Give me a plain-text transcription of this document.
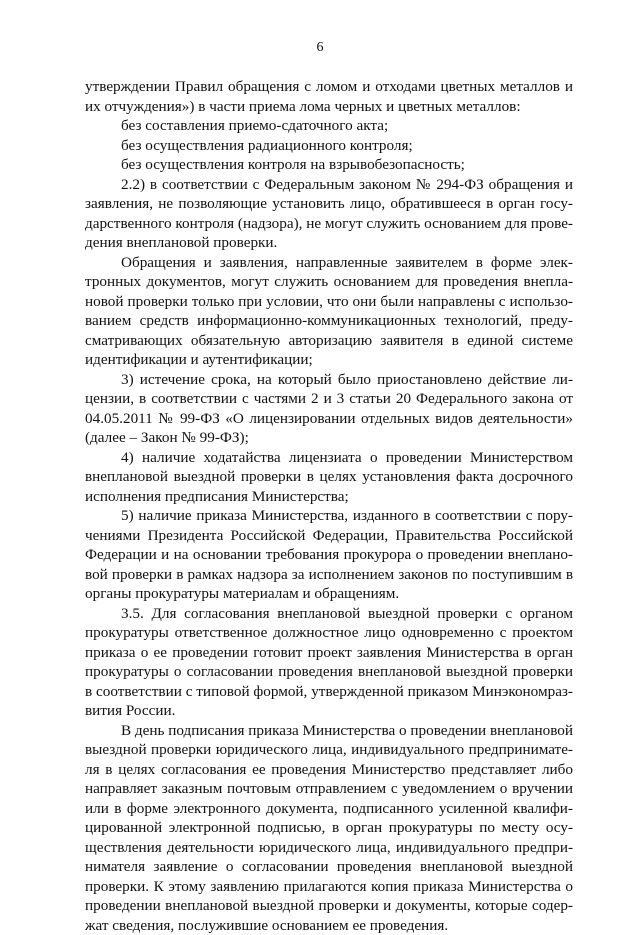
6
утверждении Правил обращения с ломом и отходами цветных металлов и
их отчуждения») в части приема лома черных и цветных металлов:
без составления приемо-сдаточного акта;
без осуществления радиационного контроля;
без осуществления контроля на взрывобезопасность;
2.2) в соответствии с Федеральным законом № 294-ФЗ обращения и
заявления, не позволяющие установить лицо, обратившееся в орган госу-
дарственного контроля (надзора), не могут служить основанием для прове-
дения внеплановой проверки.
Обращения и заявления, направленные заявителем в форме элек-
тронных документов, могут служить основанием для проведения внепла-
новой проверки только при условии, что они были направлены с использо-
ванием средств информационно-коммуникационных технологий, преду-
сматривающих обязательную авторизацию заявителя в единой системе
идентификации и аутентификации;
3) истечение срока, на который было приостановлено действие ли-
цензии, в соответствии с частями 2 и 3 статьи 20 Федерального закона от
04.05.2011 № 99-ФЗ «О лицензировании отдельных видов деятельности»
(далее – Закон № 99-ФЗ);
4) наличие ходатайства лицензиата о проведении Министерством
внеплановой выездной проверки в целях установления факта досрочного
исполнения предписания Министерства;
5) наличие приказа Министерства, изданного в соответствии с пору-
чениями Президента Российской Федерации, Правительства Российской
Федерации и на основании требования прокурора о проведении внеплано-
вой проверки в рамках надзора за исполнением законов по поступившим в
органы прокуратуры материалам и обращениям.
3.5. Для согласования внеплановой выездной проверки с органом
прокуратуры ответственное должностное лицо одновременно с проектом
приказа о ее проведении готовит проект заявления Министерства в орган
прокуратуры о согласовании проведения внеплановой выездной проверки
в соответствии с типовой формой, утвержденной приказом Минэкономраз-
вития России.
В день подписания приказа Министерства о проведении внеплановой
выездной проверки юридического лица, индивидуального предпринимате-
ля в целях согласования ее проведения Министерство представляет либо
направляет заказным почтовым отправлением с уведомлением о вручении
или в форме электронного документа, подписанного усиленной квалифи-
цированной электронной подписью, в орган прокуратуры по месту осу-
ществления деятельности юридического лица, индивидуального предпри-
нимателя заявление о согласовании проведения внеплановой выездной
проверки. К этому заявлению прилагаются копия приказа Министерства о
проведении внеплановой выездной проверки и документы, которые содер-
жат сведения, послужившие основанием ее проведения.
